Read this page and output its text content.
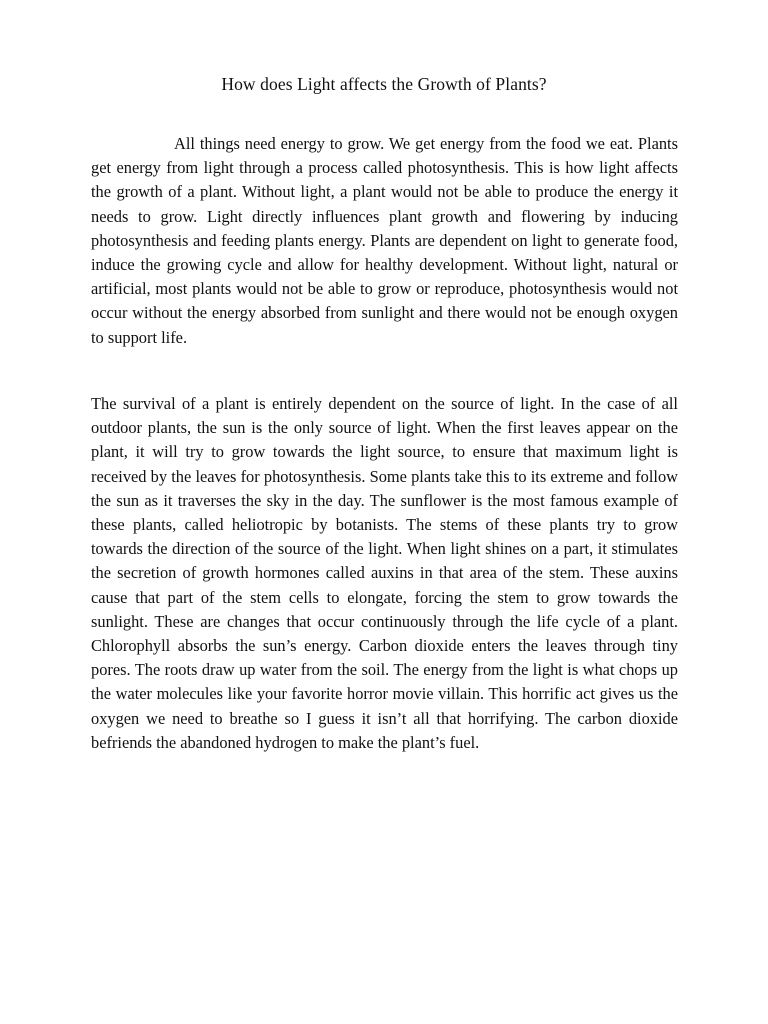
How does Light affects the Growth of Plants?

All things need energy to grow. We get energy from the food we eat. Plants get energy from light through a process called photosynthesis. This is how light affects the growth of a plant. Without light, a plant would not be able to produce the energy it needs to grow. Light directly influences plant growth and flowering by inducing photosynthesis and feeding plants energy. Plants are dependent on light to generate food, induce the growing cycle and allow for healthy development. Without light, natural or artificial, most plants would not be able to grow or reproduce, photosynthesis would not occur without the energy absorbed from sunlight and there would not be enough oxygen to support life.

The survival of a plant is entirely dependent on the source of light. In the case of all outdoor plants, the sun is the only source of light. When the first leaves appear on the plant, it will try to grow towards the light source, to ensure that maximum light is received by the leaves for photosynthesis. Some plants take this to its extreme and follow the sun as it traverses the sky in the day. The sunflower is the most famous example of these plants, called heliotropic by botanists. The stems of these plants try to grow towards the direction of the source of the light. When light shines on a part, it stimulates the secretion of growth hormones called auxins in that area of the stem. These auxins cause that part of the stem cells to elongate, forcing the stem to grow towards the sunlight. These are changes that occur continuously through the life cycle of a plant. Chlorophyll absorbs the sun’s energy. Carbon dioxide enters the leaves through tiny pores. The roots draw up water from the soil. The energy from the light is what chops up the water molecules like your favorite horror movie villain. This horrific act gives us the oxygen we need to breathe so I guess it isn’t all that horrifying. The carbon dioxide befriends the abandoned hydrogen to make the plant’s fuel.
